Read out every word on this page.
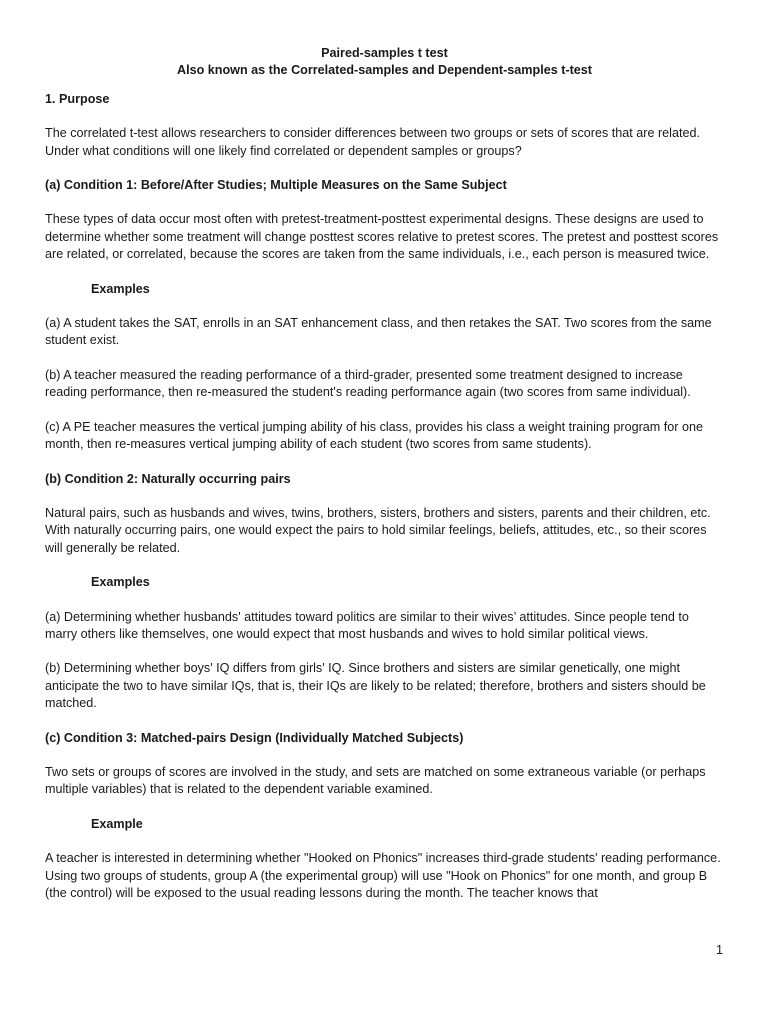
Paired-samples t test

Also known as the Correlated-samples and Dependent-samples t-test

1. Purpose

The correlated t-test allows researchers to consider differences between two groups or sets of scores that are related. Under what conditions will one likely find correlated or dependent samples or groups?

(a) Condition 1: Before/After Studies; Multiple Measures on the Same Subject

These types of data occur most often with pretest-treatment-posttest experimental designs. These designs are used to determine whether some treatment will change posttest scores relative to pretest scores. The pretest and posttest scores are related, or correlated, because the scores are taken from the same individuals, i.e., each person is measured twice.

Examples

(a) A student takes the SAT, enrolls in an SAT enhancement class, and then retakes the SAT. Two scores from the same student exist.

(b) A teacher measured the reading performance of a third-grader, presented some treatment designed to increase reading performance, then re-measured the student's reading performance again (two scores from same individual).

(c) A PE teacher measures the vertical jumping ability of his class, provides his class a weight training program for one month, then re-measures vertical jumping ability of each student (two scores from same students).

(b) Condition 2: Naturally occurring pairs

Natural pairs, such as husbands and wives, twins, brothers, sisters, brothers and sisters, parents and their children, etc. With naturally occurring pairs, one would expect the pairs to hold similar feelings, beliefs, attitudes, etc., so their scores will generally be related.

Examples

(a) Determining whether husbands' attitudes toward politics are similar to their wives’ attitudes. Since people tend to marry others like themselves, one would expect that most husbands and wives to hold similar political views.

(b) Determining whether boys' IQ differs from girls' IQ. Since brothers and sisters are similar genetically, one might anticipate the two to have similar IQs, that is, their IQs are likely to be related; therefore, brothers and sisters should be matched.

(c) Condition 3: Matched-pairs Design (Individually Matched Subjects)

Two sets or groups of scores are involved in the study, and sets are matched on some extraneous variable (or perhaps multiple variables) that is related to the dependent variable examined.

Example

A teacher is interested in determining whether "Hooked on Phonics" increases third-grade students' reading performance. Using two groups of students, group A (the experimental group) will use "Hook on Phonics" for one month, and group B (the control) will be exposed to the usual reading lessons during the month. The teacher knows that

1
